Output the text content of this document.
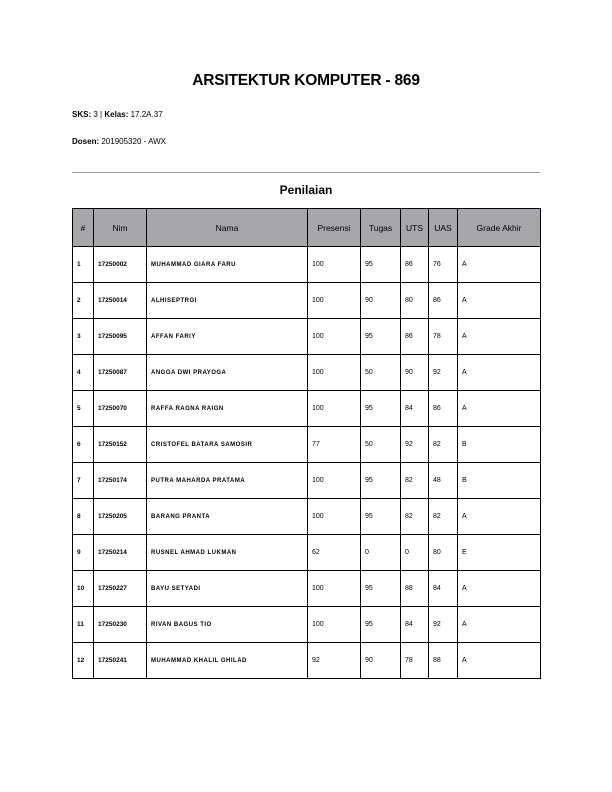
ARSITEKTUR KOMPUTER - 869
SKS: 3 | Kelas: 17.2A.37
Dosen: 201905320 - AWX
Penilaian
#	Nim	Nama	Presensi	Tugas	UTS	UAS	Grade Akhir
1	17250002	MUHAMMAD GIARA FARU	100	95	86	76	A
2	17250014	ALHISEPTRGI	100	90	80	86	A
3	17250095	AFFAN FARIY	100	95	86	78	A
4	17250087	ANGGA DWI PRAYOGA	100	50	90	92	A
5	17250070	RAFFA RAGNA RAIGN	100	95	84	86	A
6	17250152	CRISTOFEL BATARA SAMOSIR	77	50	92	82	B
7	17250174	PUTRA MAHARDA PRATAMA	100	95	82	48	B
8	17250205	BARANG PRANTA	100	95	82	82	A
9	17250214	RUSNEL AHMAD LUKMAN	62	0	0	80	E
10	17250227	BAYU SETYADI	100	95	88	84	A
11	17250230	RIVAN BAGUS TIO	100	95	84	92	A
12	17250241	MUHAMMAD KHALIL GHILAD	92	90	78	88	A
